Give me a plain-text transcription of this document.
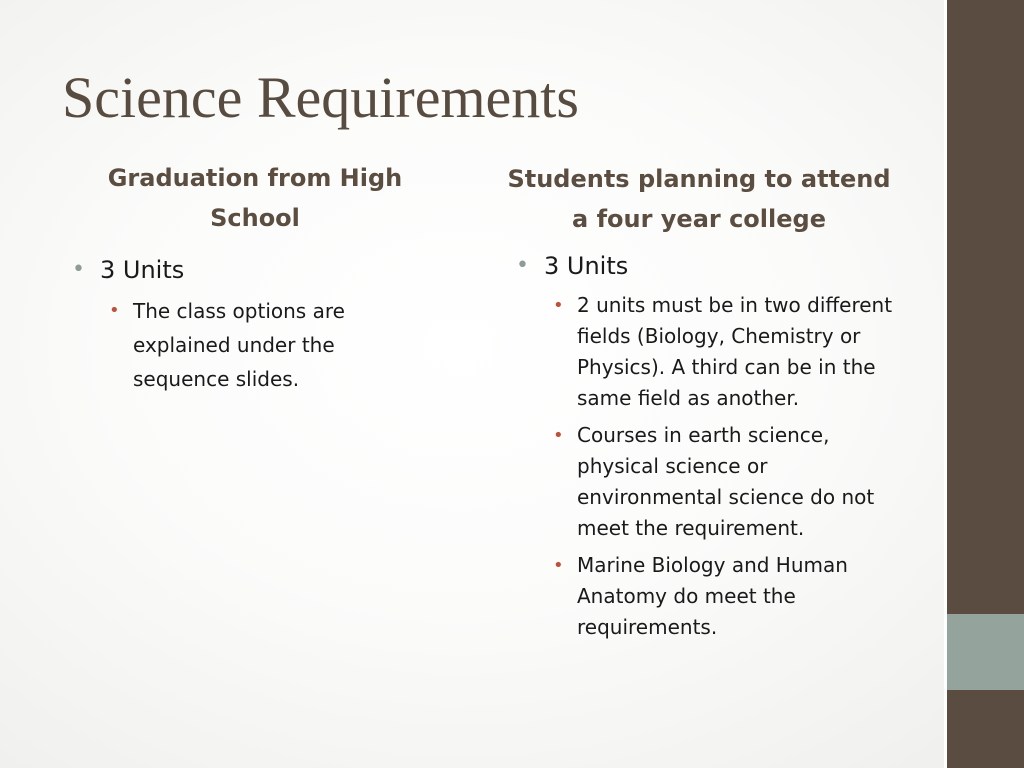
Science Requirements
Graduation from High School
Students planning to attend a four year college
• 3 Units
• The class options are explained under the sequence slides.
• 3 Units
• 2 units must be in two different fields (Biology, Chemistry or Physics). A third can be in the same field as another.
• Courses in earth science, physical science or environmental science do not meet the requirement.
• Marine Biology and Human Anatomy do meet the requirements.
